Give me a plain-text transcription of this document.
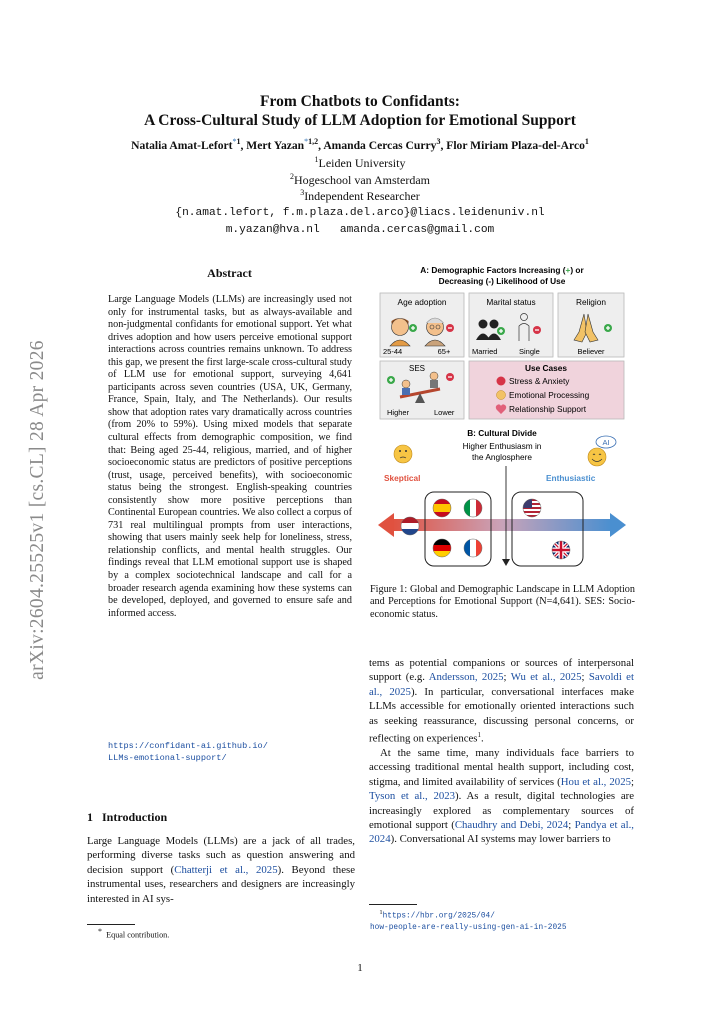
arXiv:2604.25525v1 [cs.CL] 28 Apr 2026
From Chatbots to Confidants:
A Cross-Cultural Study of LLM Adoption for Emotional Support
Natalia Amat-Lefort$^{*1}$, Mert Yazan$^{*1,2}$, Amanda Cercas Curry$^3$, Flor Miriam Plaza-del-Arco$^1$
$^1$Leiden University
$^2$Hogeschool van Amsterdam
$^3$Independent Researcher
{n.amat.lefort, f.m.plaza.del.arco}@liacs.leidenuniv.nl
m.yazan@hva.nl   amanda.cercas@gmail.com
Abstract
Large Language Models (LLMs) are increasingly used not only for instrumental tasks, but as always-available and non-judgmental confidants for emotional support. Yet what drives adoption and how users perceive emotional support interactions across countries remains unknown. To address this gap, we present the first large-scale cross-cultural study of LLM use for emotional support, surveying 4,641 participants across seven countries (USA, UK, Germany, France, Spain, Italy, and The Netherlands). Our results show that adoption rates vary dramatically across countries (from 20% to 59%). Using mixed models that separate cultural effects from demographic composition, we find that: Being aged 25-44, religious, married, and of higher socioeconomic status are predictors of positive perceptions (trust, usage, perceived benefits), with socioeconomic status being the strongest. English-speaking countries consistently show more positive perceptions than Continental European countries. We also collect a corpus of 731 real multilingual prompts from user interactions, showing that users mainly seek help for loneliness, stress, relationship conflicts, and mental health struggles. Our findings reveal that LLM emotional support use is shaped by a complex sociotechnical landscape and call for a broader research agenda examining how these systems can be developed, deployed, and governed to ensure safe and informed access.
https://confidant-ai.github.io/
LLMs-emotional-support/
1 Introduction
Large Language Models (LLMs) are a jack of all trades, performing diverse tasks such as question answering and decision support (Chatterji et al., 2025). Beyond these instrumental uses, researchers and designers are increasingly interested in AI sys-
* Equal contribution.
A: Demographic Factors Increasing (+) or
Decreasing (-) Likelihood of Use
Age adoption
25-44	65+
Marital status
Married	Single
Religion
Believer
SES
Higher	Lower
Use Cases
Stress & Anxiety
Emotional Processing
Relationship Support
B: Cultural Divide
Higher Enthusiasm in
the Anglosphere
Skeptical
AI
Enthusiastic
Figure 1: Global and Demographic Landscape in LLM Adoption and Perceptions for Emotional Support (N=4,641). SES: Socio-economic status.
tems as potential companions or sources of interpersonal support (e.g. Andersson, 2025; Wu et al., 2025; Savoldi et al., 2025). In particular, conversational interfaces make LLMs accessible for emotionally oriented interactions such as seeking reassurance, discussing personal concerns, or reflecting on experiences$^1$.
At the same time, many individuals face barriers to accessing traditional mental health support, including cost, stigma, and limited availability of services (Hou et al., 2025; Tyson et al., 2023). As a result, digital technologies are increasingly explored as complementary sources of emotional support (Chaudhry and Debi, 2024; Pandya et al., 2024). Conversational AI systems may lower barriers to
$^1$https://hbr.org/2025/04/
how-people-are-really-using-gen-ai-in-2025
1
